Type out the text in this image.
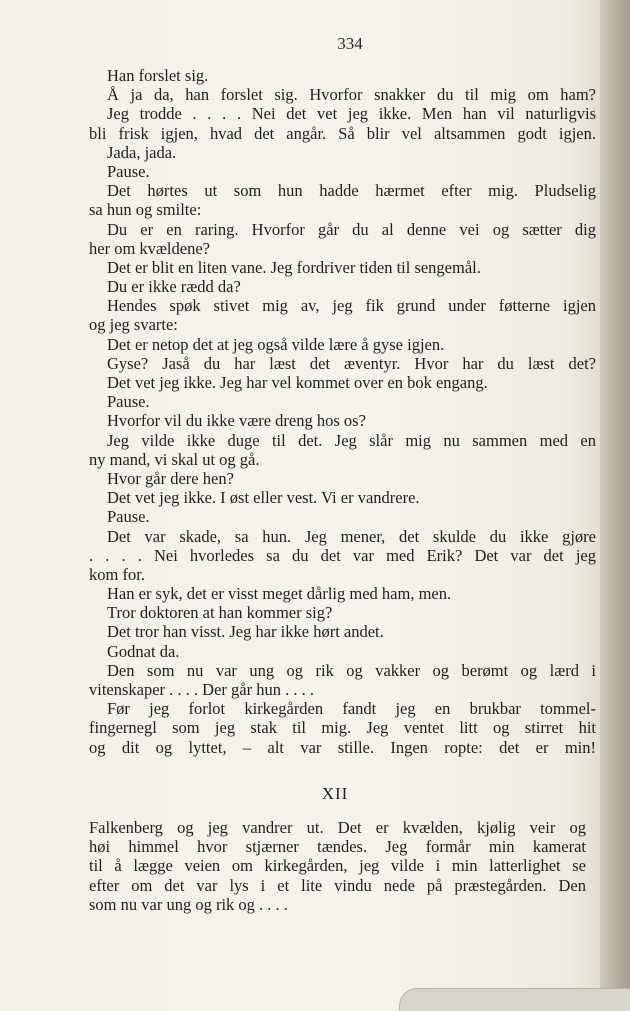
334
Han forslet sig.
Å ja da, han forslet sig. Hvorfor snakker du til mig om ham?
Jeg trodde . . . . Nei det vet jeg ikke. Men han vil naturligvis
bli frisk igjen, hvad det angår. Så blir vel altsammen godt igjen.
Jada, jada.
Pause.
Det hørtes ut som hun hadde hærmet efter mig. Pludselig
sa hun og smilte:
Du er en raring. Hvorfor går du al denne vei og sætter dig
her om kvældene?
Det er blit en liten vane. Jeg fordriver tiden til sengemål.
Du er ikke rædd da?
Hendes spøk stivet mig av, jeg fik grund under føtterne igjen
og jeg svarte:
Det er netop det at jeg også vilde lære å gyse igjen.
Gyse? Jaså du har læst det æventyr. Hvor har du læst det?
Det vet jeg ikke. Jeg har vel kommet over en bok engang.
Pause.
Hvorfor vil du ikke være dreng hos os?
Jeg vilde ikke duge til det. Jeg slår mig nu sammen med en
ny mand, vi skal ut og gå.
Hvor går dere hen?
Det vet jeg ikke. I øst eller vest. Vi er vandrere.
Pause.
Det var skade, sa hun. Jeg mener, det skulde du ikke gjøre
. . . . Nei hvorledes sa du det var med Erik? Det var det jeg
kom for.
Han er syk, det er visst meget dårlig med ham, men.
Tror doktoren at han kommer sig?
Det tror han visst. Jeg har ikke hørt andet.
Godnat da.
Den som nu var ung og rik og vakker og berømt og lærd i
vitenskaper . . . . Der går hun . . . .
Før jeg forlot kirkegården fandt jeg en brukbar tommel-
fingernegl som jeg stak til mig. Jeg ventet litt og stirret hit
og dit og lyttet, – alt var stille. Ingen ropte: det er min!
XII
Falkenberg og jeg vandrer ut. Det er kvælden, kjølig veir og
høi himmel hvor stjærner tændes. Jeg formår min kamerat
til å lægge veien om kirkegården, jeg vilde i min latterlighet se
efter om det var lys i et lite vindu nede på præstegården. Den
som nu var ung og rik og . . . .
